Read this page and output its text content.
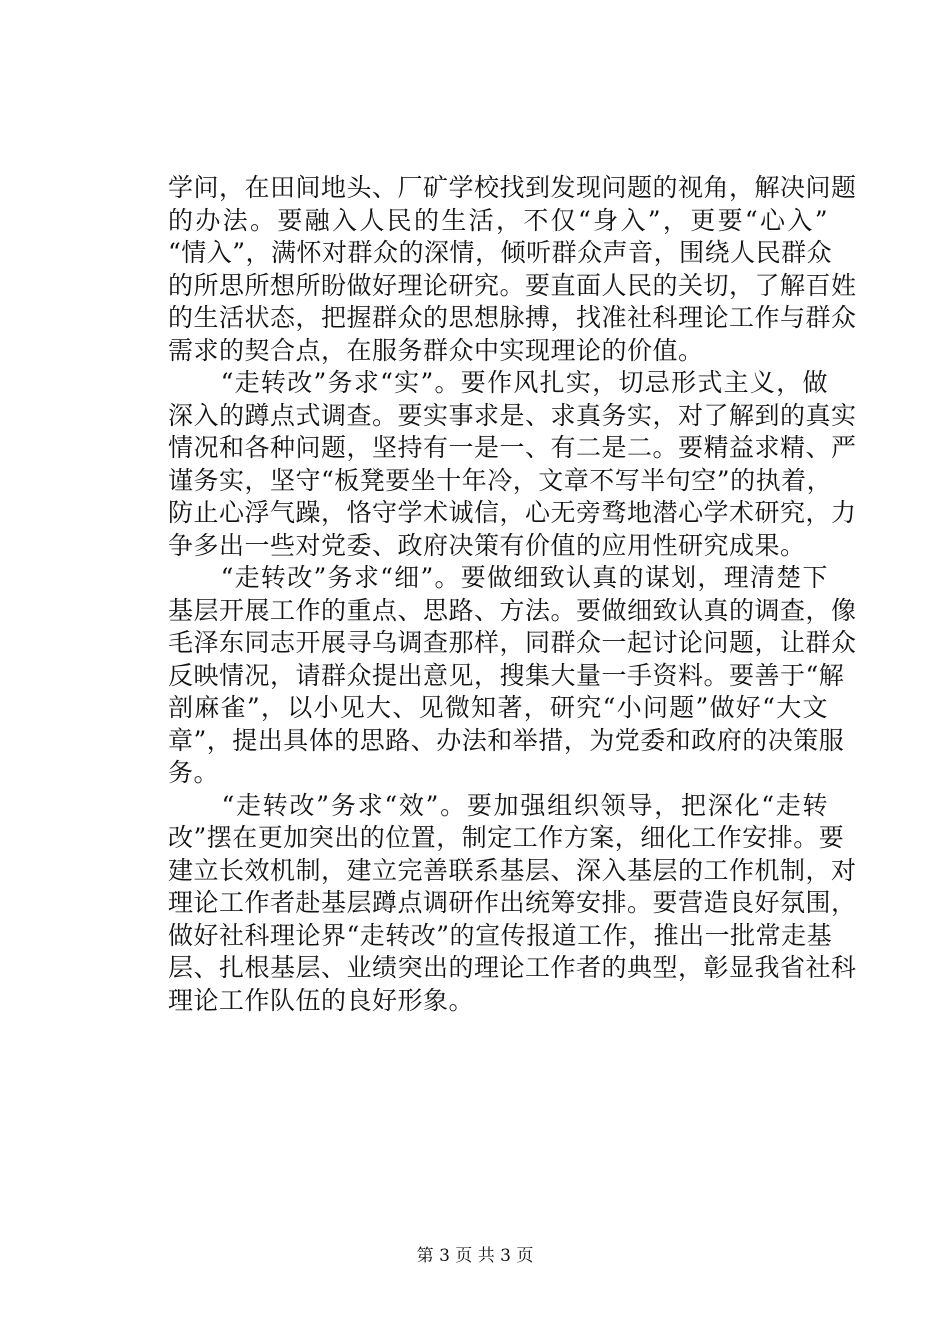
学问，在田间地头、厂矿学校找到发现问题的视角，解决问题
的办法。要融入人民的生活，不仅“身入”，更要“心入”
“情入”，满怀对群众的深情，倾听群众声音，围绕人民群众
的所思所想所盼做好理论研究。要直面人民的关切，了解百姓
的生活状态，把握群众的思想脉搏，找准社科理论工作与群众
需求的契合点，在服务群众中实现理论的价值。
　　“走转改”务求“实”。要作风扎实，切忌形式主义，做
深入的蹲点式调查。要实事求是、求真务实，对了解到的真实
情况和各种问题，坚持有一是一、有二是二。要精益求精、严
谨务实，坚守“板凳要坐十年冷，文章不写半句空”的执着，
防止心浮气躁，恪守学术诚信，心无旁骛地潜心学术研究，力
争多出一些对党委、政府决策有价值的应用性研究成果。
　　“走转改”务求“细”。要做细致认真的谋划，理清楚下
基层开展工作的重点、思路、方法。要做细致认真的调查，像
毛泽东同志开展寻乌调查那样，同群众一起讨论问题，让群众
反映情况，请群众提出意见，搜集大量一手资料。要善于“解
剖麻雀”，以小见大、见微知著，研究“小问题”做好“大文
章”，提出具体的思路、办法和举措，为党委和政府的决策服
务。
　　“走转改”务求“效”。要加强组织领导，把深化“走转
改”摆在更加突出的位置，制定工作方案，细化工作安排。要
建立长效机制，建立完善联系基层、深入基层的工作机制，对
理论工作者赴基层蹲点调研作出统筹安排。要营造良好氛围，
做好社科理论界“走转改”的宣传报道工作，推出一批常走基
层、扎根基层、业绩突出的理论工作者的典型，彰显我省社科
理论工作队伍的良好形象。
第 3 页 共 3 页
